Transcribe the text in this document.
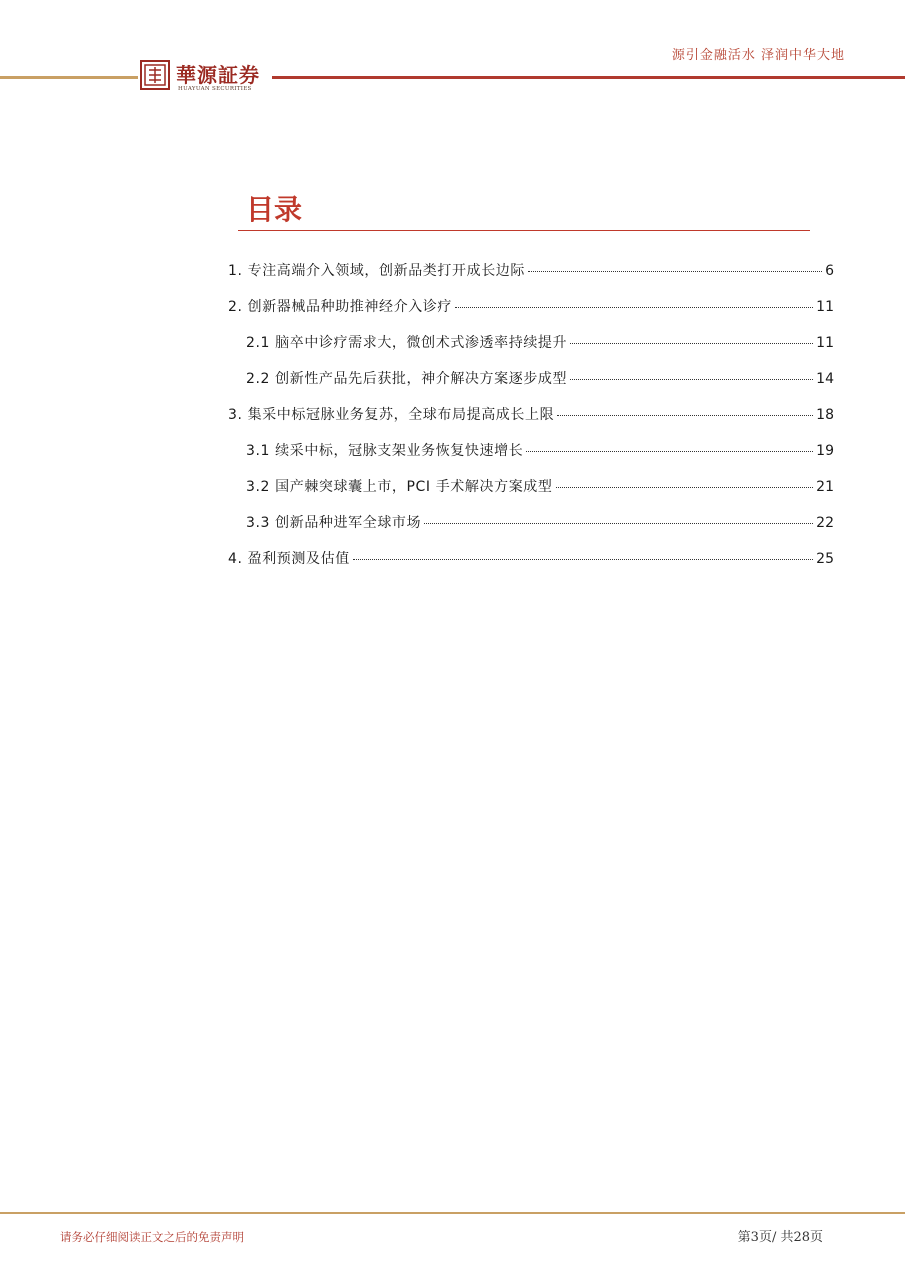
源引金融活水 泽润中华大地
華源証券
HUAYUAN SECURITIES
目录
1. 专注高端介入领域，创新品类打开成长边际	6
2. 创新器械品种助推神经介入诊疗	11
2.1 脑卒中诊疗需求大，微创术式渗透率持续提升	11
2.2 创新性产品先后获批，神介解决方案逐步成型	14
3. 集采中标冠脉业务复苏，全球布局提高成长上限	18
3.1 续采中标，冠脉支架业务恢复快速增长	19
3.2 国产棘突球囊上市，PCI 手术解决方案成型	21
3.3 创新品种进军全球市场	22
4. 盈利预测及估值	25
请务必仔细阅读正文之后的免责声明	第3页/ 共28页
